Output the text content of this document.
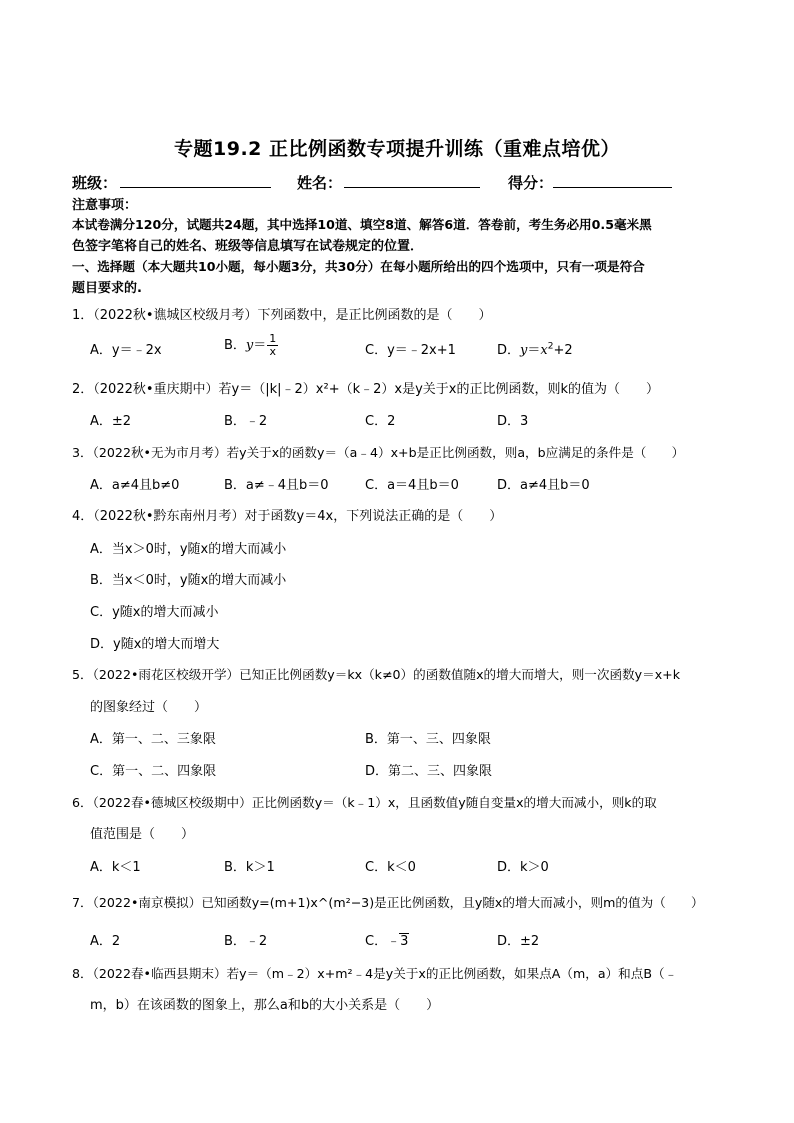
专题19.2 正比例函数专项提升训练（重难点培优）
班级：	姓名：	得分：
注意事项：
本试卷满分120分，试题共24题，其中选择10道、填空8道、解答6道．答卷前，考生务必用0.5毫米黑
色签字笔将自己的姓名、班级等信息填写在试卷规定的位置．
一、选择题（本大题共10小题，每小题3分，共30分）在每小题所给出的四个选项中，只有一项是符合
题目要求的.
1．（2022秋•谯城区校级月考）下列函数中，是正比例函数的是（　　）
A．y＝﹣2x	B．$y= \frac{1}{x}$	C．y＝﹣2x+1	D．$y=x^2+2$
2．（2022秋•重庆期中）若y＝（|k|﹣2）x²+（k﹣2）x是y关于x的正比例函数，则k的值为（　　）
A．±2	B．﹣2	C．2	D．3
3．（2022秋•无为市月考）若y关于x的函数y＝（a﹣4）x+b是正比例函数，则a，b应满足的条件是（　　）
A．a≠4且b≠0	B．a≠﹣4且b＝0	C．a＝4且b＝0	D．a≠4且b＝0
4．（2022秋•黔东南州月考）对于函数y＝4x，下列说法正确的是（　　）
A．当x＞0时，y随x的增大而减小
B．当x＜0时，y随x的增大而减小
C．y随x的增大而减小
D．y随x的增大而增大
5．（2022•雨花区校级开学）已知正比例函数y＝kx（k≠0）的函数值随x的增大而增大，则一次函数y＝x+k
的图象经过（　　）
A．第一、二、三象限	B．第一、三、四象限
C．第一、二、四象限	D．第二、三、四象限
6．（2022春•德城区校级期中）正比例函数y＝（k﹣1）x，且函数值y随自变量x的增大而减小，则k的取
值范围是（　　）
A．k＜1	B．k＞1	C．k＜0	D．k＞0
7．（2022•南京模拟）已知函数y=(m+1)x^(m²−3)是正比例函数，且y随x的增大而减小，则m的值为（　　）
A．2	B．﹣2	C．﹣3	D．±2
8．（2022春•临西县期末）若y＝（m﹣2）x+m²﹣4是y关于x的正比例函数，如果点A（m，a）和点B（﹣
m，b）在该函数的图象上，那么a和b的大小关系是（　　）
